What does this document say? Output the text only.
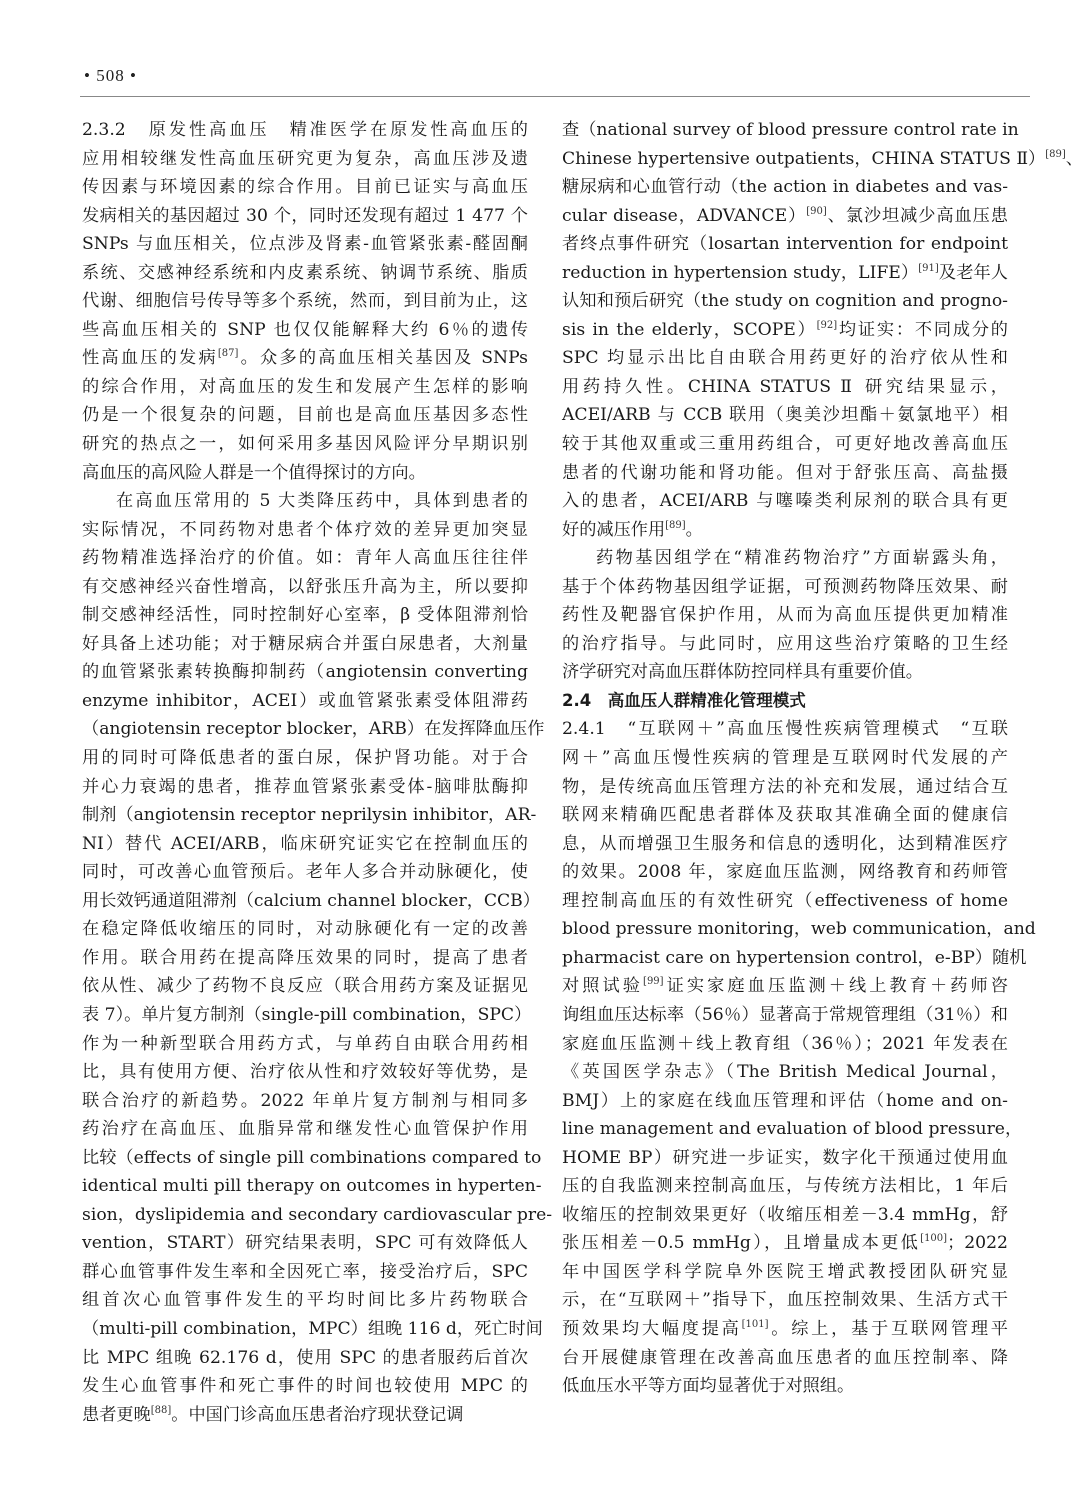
• 508 •
2.3.2　原发性高血压　精准医学在原发性高血压的
应用相较继发性高血压研究更为复杂，高血压涉及遗
传因素与环境因素的综合作用。目前已证实与高血压
发病相关的基因超过 30 个，同时还发现有超过 1 477 个
SNPs 与血压相关，位点涉及肾素-血管紧张素-醛固酮
系统、交感神经系统和内皮素系统、钠调节系统、脂质
代谢、细胞信号传导等多个系统，然而，到目前为止，这
些高血压相关的 SNP 也仅仅能解释大约 6％的遗传
性高血压的发病[87]。众多的高血压相关基因及 SNPs
的综合作用，对高血压的发生和发展产生怎样的影响
仍是一个很复杂的问题，目前也是高血压基因多态性
研究的热点之一，如何采用多基因风险评分早期识别
高血压的高风险人群是一个值得探讨的方向。
在高血压常用的 5 大类降压药中，具体到患者的
实际情况，不同药物对患者个体疗效的差异更加突显
药物精准选择治疗的价值。如：青年人高血压往往伴
有交感神经兴奋性增高，以舒张压升高为主，所以要抑
制交感神经活性，同时控制好心室率，β 受体阻滞剂恰
好具备上述功能；对于糖尿病合并蛋白尿患者，大剂量
的血管紧张素转换酶抑制药（angiotensin converting
enzyme inhibitor，ACEI）或血管紧张素受体阻滞药
（angiotensin receptor blocker，ARB）在发挥降血压作
用的同时可降低患者的蛋白尿，保护肾功能。对于合
并心力衰竭的患者，推荐血管紧张素受体-脑啡肽酶抑
制剂（angiotensin receptor neprilysin inhibitor，AR-
NI）替代 ACEI/ARB，临床研究证实它在控制血压的
同时，可改善心血管预后。老年人多合并动脉硬化，使
用长效钙通道阻滞剂（calcium channel blocker，CCB）
在稳定降低收缩压的同时，对动脉硬化有一定的改善
作用。联合用药在提高降压效果的同时，提高了患者
依从性、减少了药物不良反应（联合用药方案及证据见
表 7）。单片复方制剂（single-pill combination，SPC）
作为一种新型联合用药方式，与单药自由联合用药相
比，具有使用方便、治疗依从性和疗效较好等优势，是
联合治疗的新趋势。2022 年单片复方制剂与相同多
药治疗在高血压、血脂异常和继发性心血管保护作用
比较（effects of single pill combinations compared to
identical multi pill therapy on outcomes in hyperten-
sion，dyslipidemia and secondary cardiovascular pre-
vention，START）研究结果表明，SPC 可有效降低人
群心血管事件发生率和全因死亡率，接受治疗后，SPC
组首次心血管事件发生的平均时间比多片药物联合
（multi-pill combination，MPC）组晚 116 d，死亡时间
比 MPC 组晚 62.176 d，使用 SPC 的患者服药后首次
发生心血管事件和死亡事件的时间也较使用 MPC 的
患者更晚[88]。中国门诊高血压患者治疗现状登记调
查（national survey of blood pressure control rate in
Chinese hypertensive outpatients，CHINA STATUS Ⅱ）[89]、
糖尿病和心血管行动（the action in diabetes and vas-
cular disease，ADVANCE）[90]、氯沙坦减少高血压患
者终点事件研究（losartan intervention for endpoint
reduction in hypertension study，LIFE）[91]及老年人
认知和预后研究（the study on cognition and progno-
sis in the elderly，SCOPE）[92]均证实：不同成分的
SPC 均显示出比自由联合用药更好的治疗依从性和
用药持久性。CHINA STATUS Ⅱ 研究结果显示，
ACEI/ARB 与 CCB 联用（奥美沙坦酯＋氨氯地平）相
较于其他双重或三重用药组合，可更好地改善高血压
患者的代谢功能和肾功能。但对于舒张压高、高盐摄
入的患者，ACEI/ARB 与噻嗪类利尿剂的联合具有更
好的减压作用[89]。
药物基因组学在“精准药物治疗”方面崭露头角，
基于个体药物基因组学证据，可预测药物降压效果、耐
药性及靶器官保护作用，从而为高血压提供更加精准
的治疗指导。与此同时，应用这些治疗策略的卫生经
济学研究对高血压群体防控同样具有重要价值。
2.4　高血压人群精准化管理模式
2.4.1　“互联网＋”高血压慢性疾病管理模式　“互联
网＋”高血压慢性疾病的管理是互联网时代发展的产
物，是传统高血压管理方法的补充和发展，通过结合互
联网来精确匹配患者群体及获取其准确全面的健康信
息，从而增强卫生服务和信息的透明化，达到精准医疗
的效果。2008 年，家庭血压监测，网络教育和药师管
理控制高血压的有效性研究（effectiveness of home
blood pressure monitoring，web communication，and
pharmacist care on hypertension control，e-BP）随机
对照试验[99]证实家庭血压监测＋线上教育＋药师咨
询组血压达标率（56％）显著高于常规管理组（31％）和
家庭血压监测＋线上教育组（36％）；2021 年发表在
《英国医学杂志》（The British Medical Journal，
BMJ）上的家庭在线血压管理和评估（home and on-
line management and evaluation of blood pressure，
HOME BP）研究进一步证实，数字化干预通过使用血
压的自我监测来控制高血压，与传统方法相比，1 年后
收缩压的控制效果更好（收缩压相差－3.4 mmHg，舒
张压相差－0.5 mmHg），且增量成本更低[100]；2022
年中国医学科学院阜外医院王增武教授团队研究显
示，在“互联网＋”指导下，血压控制效果、生活方式干
预效果均大幅度提高[101]。综上，基于互联网管理平
台开展健康管理在改善高血压患者的血压控制率、降
低血压水平等方面均显著优于对照组。
